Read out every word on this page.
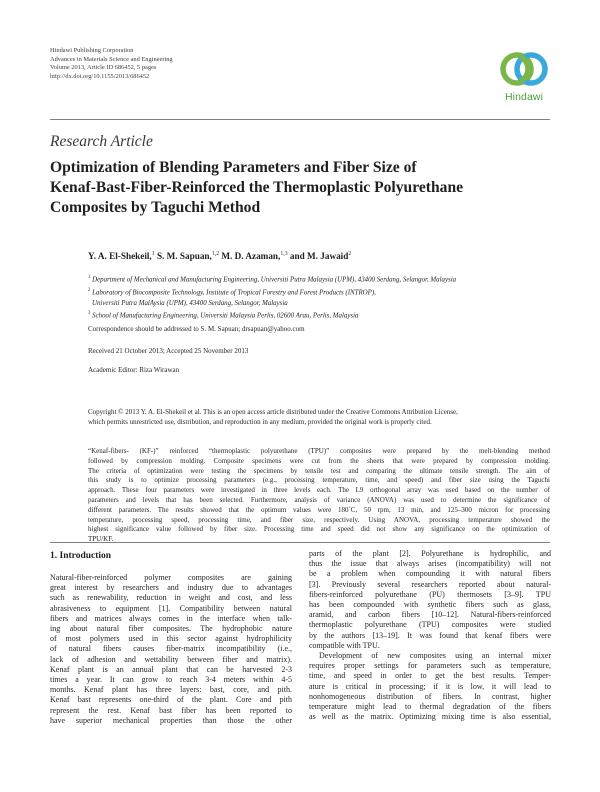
Hindawi Publishing Corporation
Advances in Materials Science and Engineering
Volume 2013, Article ID 686452, 5 pages
http://dx.doi.org/10.1155/2013/686452
Hindawi
Research Article
Optimization of Blending Parameters and Fiber Size of
Kenaf-Bast-Fiber-Reinforced the Thermoplastic Polyurethane
Composites by Taguchi Method
Y. A. El-Shekeil,$^1$ S. M. Sapuan,$^{1,2}$ M. D. Azaman,$^{1,3}$ and M. Jawaid$^2$
$^1$ Department of Mechanical and Manufacturing Engineering, Universiti Putra Malaysia (UPM), 43400 Serdang, Selangor, Malaysia
$^2$ Laboratory of Biocomposite Technology, Institute of Tropical Forestry and Forest Products (INTROP),
Universiti Putra MalAysia (UPM), 43400 Serdang, Selangor, Malaysia
$^3$ School of Manufacturing Engineering, Universiti Malaysia Perlis, 02600 Arau, Perlis, Malaysia
Correspondence should be addressed to S. M. Sapuan; drsapuan@yahoo.com
Received 21 October 2013; Accepted 25 November 2013
Academic Editor: Riza Wirawan
Copyright © 2013 Y. A. El-Shekeil et al. This is an open access article distributed under the Creative Commons Attribution License,
which permits unrestricted use, distribution, and reproduction in any medium, provided the original work is properly cited.
“Kenaf-fibers- (KF-)” reinforced “thermoplastic polyurethane (TPU)” composites were prepared by the melt-blending method
followed by compression molding. Composite specimens were cut from the sheets that were prepared by compression molding.
The criteria of optimization were testing the specimens by tensile test and comparing the ultimate tensile strength. The aim of
this study is to optimize processing parameters (e.g., processing temperature, time, and speed) and fiber size using the Taguchi
approach. These four parameters were investigated in three levels each. The L9 orthogonal array was used based on the number of
parameters and levels that has been selected. Furthermore, analysis of variance (ANOVA) was used to determine the significance of
different parameters. The results showed that the optimum values were 180˚C, 50 rpm, 13 min, and 125–300 micron for processing
temperature, processing speed, processing time, and fiber size, respectively. Using ANOVA, processing temperature showed the
highest significance value followed by fiber size. Processing time and speed did not show any significance on the optimization of
TPU/KF.
1. Introduction
Natural-fiber-reinforced polymer composites are gaining
great interest by researchers and industry due to advantages
such as renewability, reduction in weight and cost, and less
abrasiveness to equipment [1]. Compatibility between natural
fibers and matrices always comes in the interface when talk-
ing about natural fiber composites. The hydrophobic nature
of most polymers used in this sector against hydrophilicity
of natural fibers causes fiber-matrix incompatibility (i.e.,
lack of adhesion and wettability between fiber and matrix).
Kenaf plant is an annual plant that can be harvested 2-3
times a year. It can grow to reach 3-4 meters within 4-5
months. Kenaf plant has three layers: bast, core, and pith.
Kenaf bast represents one-third of the plant. Core and pith
represent the rest. Kenaf bast fiber has been reported to
have superior mechanical properties than those the other
parts of the plant [2]. Polyurethane is hydrophilic, and
thus the issue that always arises (incompatibility) will not
be a problem when compounding it with natural fibers
[3]. Previously several researchers reported about natural-
fibers-reinforced polyurethane (PU) thermosets [3–9]. TPU
has been compounded with synthetic fibers such as glass,
aramid, and carbon fibers [10–12]. Natural-fibers-reinforced
thermoplastic polyurethane (TPU) composites were studied
by the authors [13–19]. It was found that kenaf fibers were
compatible with TPU.
Development of new composites using an internal mixer
requires proper settings for parameters such as temperature,
time, and speed in order to get the best results. Temper-
ature is critical in processing; if it is low, it will lead to
nonhomogeneous distribution of fibers. In contrast, higher
temperature might lead to thermal degradation of the fibers
as well as the matrix. Optimizing mixing time is also essential,
